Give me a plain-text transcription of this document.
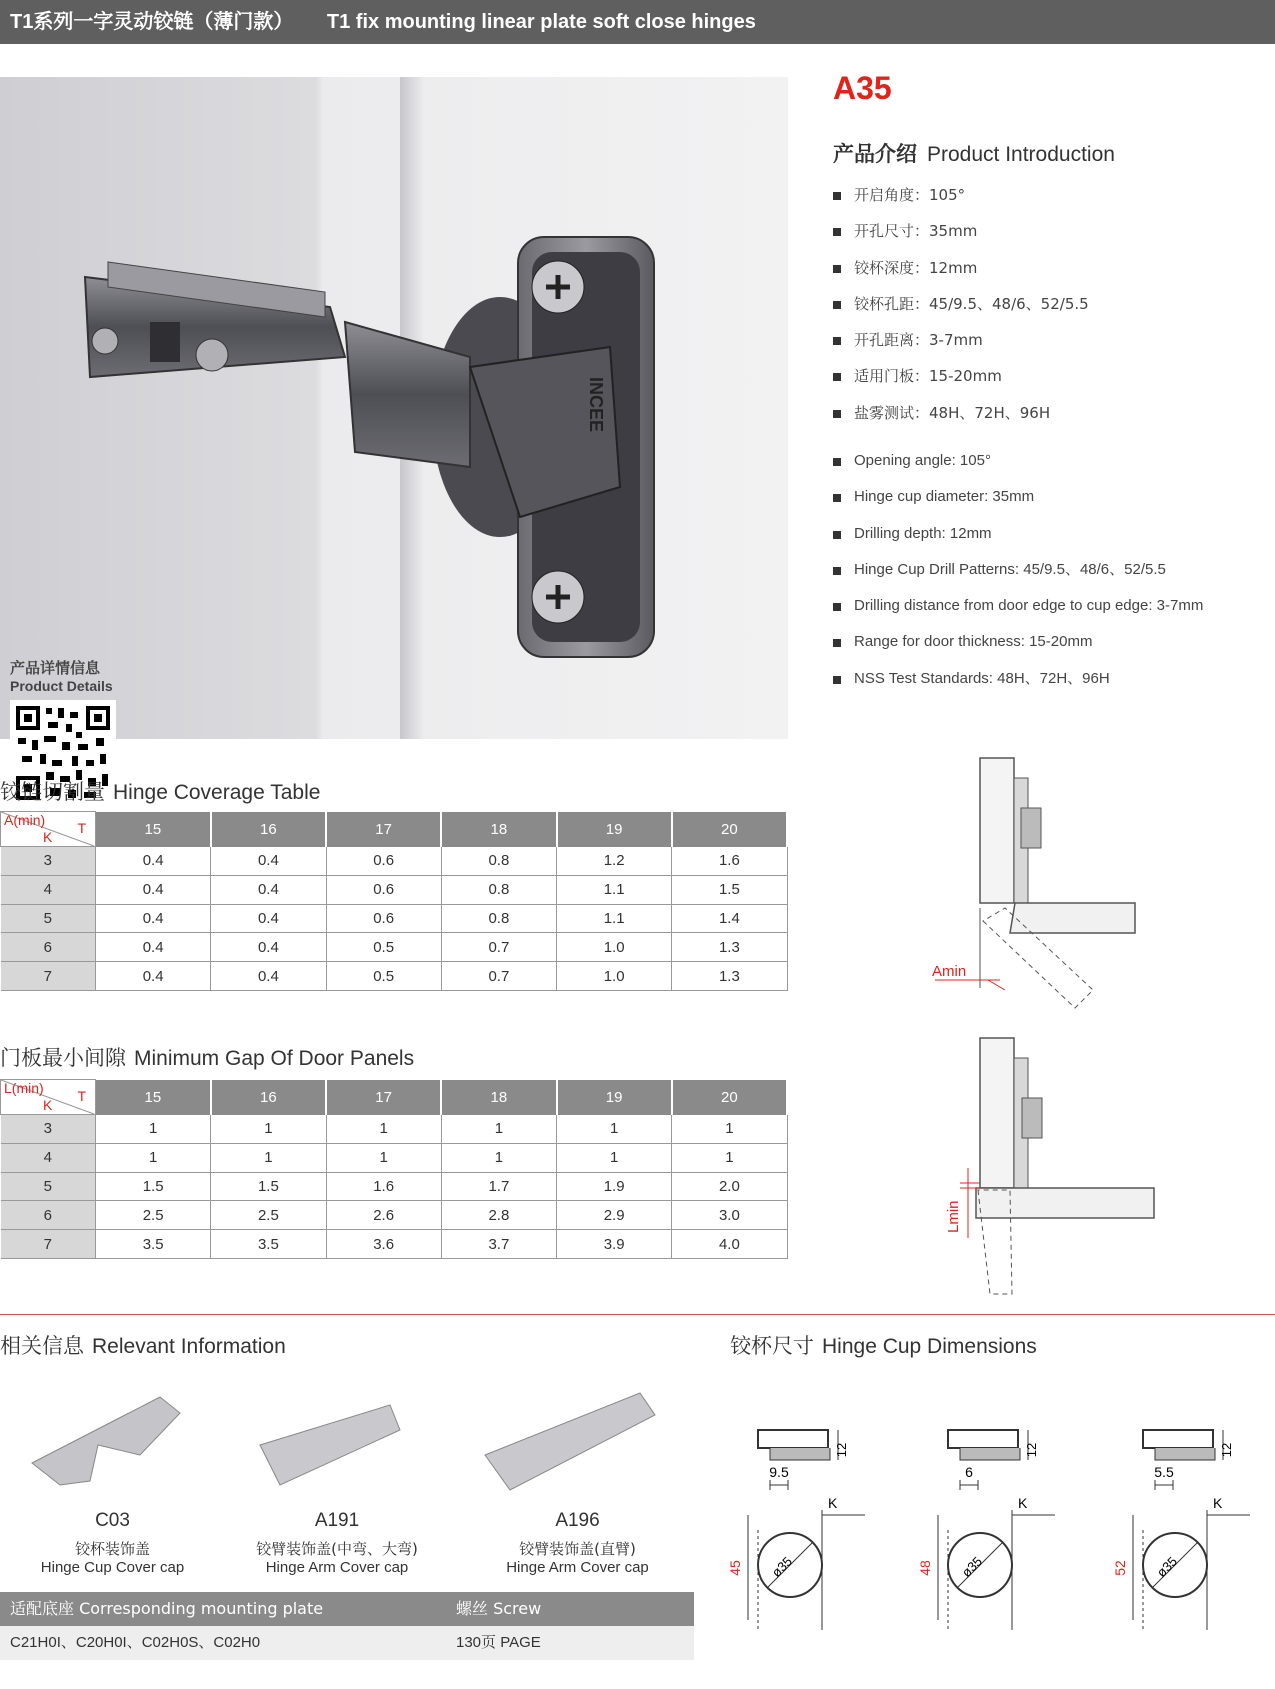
T1系列一字灵动铰链（薄门款） T1 fix mounting linear plate soft close hinges
INCEE
产品详情信息
Product Details
A35
产品介绍 Product Introduction
开启角度：105°
开孔尺寸：35mm
铰杯深度：12mm
铰杯孔距：45/9.5、48/6、52/5.5
开孔距离：3-7mm
适用门板：15-20mm
盐雾测试：48H、72H、96H
Opening angle: 105°
Hinge cup diameter: 35mm
Drilling depth: 12mm
Hinge Cup Drill Patterns: 45/9.5、48/6、52/5.5
Drilling distance from door edge to cup edge: 3-7mm
Range for door thickness: 15-20mm
NSS Test Standards: 48H、72H、96H
铰链切割量 Hinge Coverage Table
A(min)
K
T	15	16	17	18	19	20
3	0.4	0.4	0.6	0.8	1.2	1.6
4	0.4	0.4	0.6	0.8	1.1	1.5
5	0.4	0.4	0.6	0.8	1.1	1.4
6	0.4	0.4	0.5	0.7	1.0	1.3
7	0.4	0.4	0.5	0.7	1.0	1.3	Amin
门板最小间隙 Minimum Gap Of Door Panels
L(min)
K
T	15	16	17	18	19	20
3	1	1	1	1	1	1
4	1	1	1	1	1	1
5	1.5	1.5	1.6	1.7	1.9	2.0
6	2.5	2.5	2.6	2.8	2.9	3.0
7	3.5	3.5	3.6	3.7	3.9	4.0
Lmin
相关信息 Relevant Information
C03
铰杯装饰盖
Hinge Cup Cover cap
A191
铰臂装饰盖(中弯、大弯)
Hinge Arm Cover cap
A196
铰臂装饰盖(直臂)
Hinge Arm Cover cap
适配底座 Corresponding mounting plate	螺丝 Screw
C21H0I、C20H0I、C02H0S、C02H0	130页 PAGE
铰杯尺寸 Hinge Cup Dimensions
12
9.5
ø35
K
45
12
6
ø35
K
48
12
5.5
ø35
K
52
